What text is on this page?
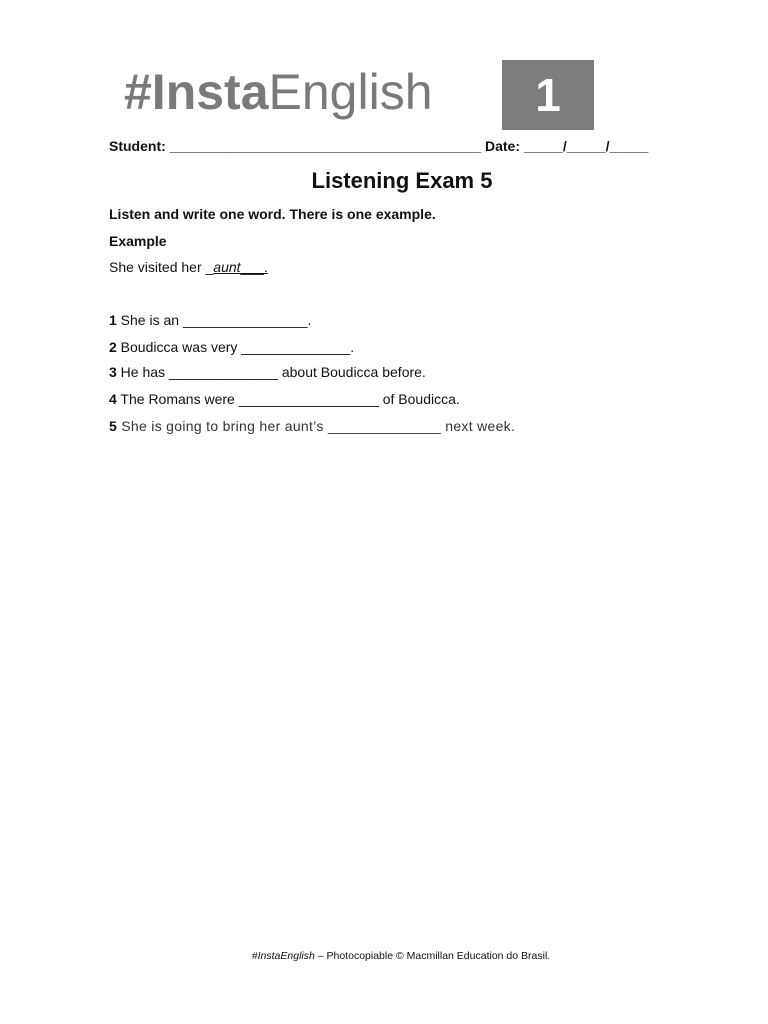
#InstaEnglish	1
Student: ________________________________________ Date: _____/_____/_____
Listening Exam 5
Listen and write one word. There is one example.
Example
She visited her _aunt___.
1 She is an ________________.
2 Boudicca was very ______________.
3 He has ______________ about Boudicca before.
4 The Romans were __________________ of Boudicca.
5 She is going to bring her aunt’s ______________ next week.
#InstaEnglish – Photocopiable © Macmillan Education do Brasil.
